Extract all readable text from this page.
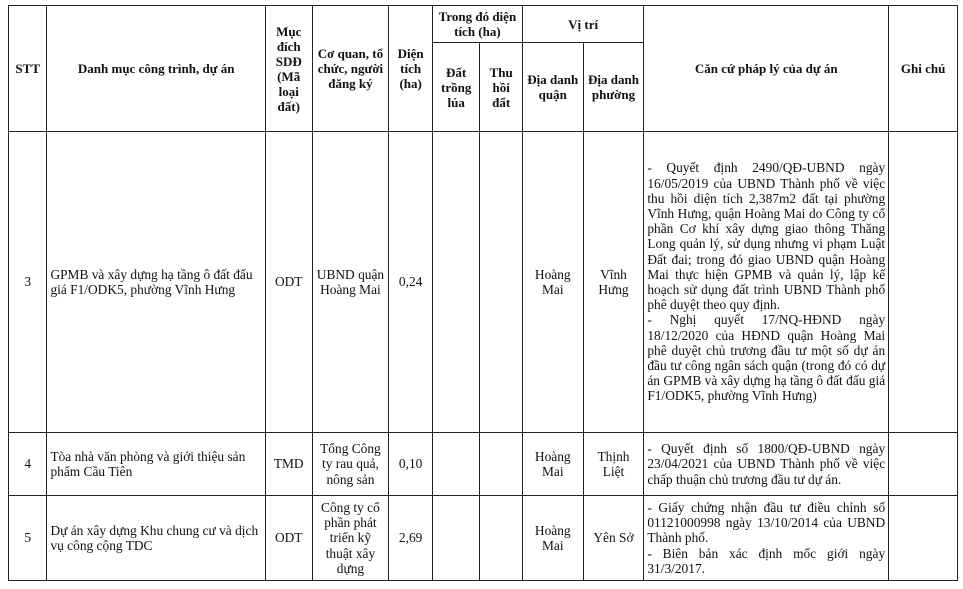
STT	Danh mục công trình, dự án	Mục đích SDĐ (Mã loại đất)	Cơ quan, tổ chức, người đăng ký	Diện tích (ha)	Trong đó diện tích (ha)		Vị trí		Căn cứ pháp lý của dự án	Ghi chú
					Đất trồng lúa	Thu hồi đất	Địa danh quận	Địa danh phường		
3	GPMB và xây dựng hạ tầng ô đất đấu giá F1/ODK5, phường Vĩnh Hưng	ODT	UBND quận Hoàng Mai	0,24			Hoàng Mai	Vĩnh Hưng	- Quyết định 2490/QĐ-UBND ngày 16/05/2019 của UBND Thành phố về việc thu hồi diện tích 2,387m2 đất tại phường Vĩnh Hưng, quận Hoàng Mai do Công ty cổ phần Cơ khí xây dựng giao thông Thăng Long quản lý, sử dụng nhưng vi phạm Luật Đất đai; trong đó giao UBND quận Hoàng Mai thực hiện GPMB và quản lý, lập kế hoạch sử dụng đất trình UBND Thành phố phê duyệt theo quy định.
- Nghị quyết 17/NQ-HĐND ngày 18/12/2020 của HĐND quận Hoàng Mai phê duyệt chủ trương đầu tư một số dự án đầu tư công ngân sách quận (trong đó có dự án GPMB và xây dựng hạ tầng ô đất đấu giá F1/ODK5, phường Vĩnh Hưng)	

4	Tòa nhà văn phòng và giới thiệu sản phẩm Cầu Tiên	TMD	Tổng Công ty rau quả, nông sản	0,10			Hoàng Mai	Thịnh Liệt	- Quyết định số 1800/QĐ-UBND ngày 23/04/2021 của UBND Thành phố về việc chấp thuận chủ trương đầu tư dự án.	

5	Dự án xây dựng Khu chung cư và dịch vụ công cộng TDC	ODT	Công ty cổ phần phát triển kỹ thuật xây dựng	2,69			Hoàng Mai	Yên Sở	- Giấy chứng nhận đầu tư điều chỉnh số 01121000998 ngày 13/10/2014 của UBND Thành phố.
- Biên bản xác định mốc giới ngày 31/3/2017.	
